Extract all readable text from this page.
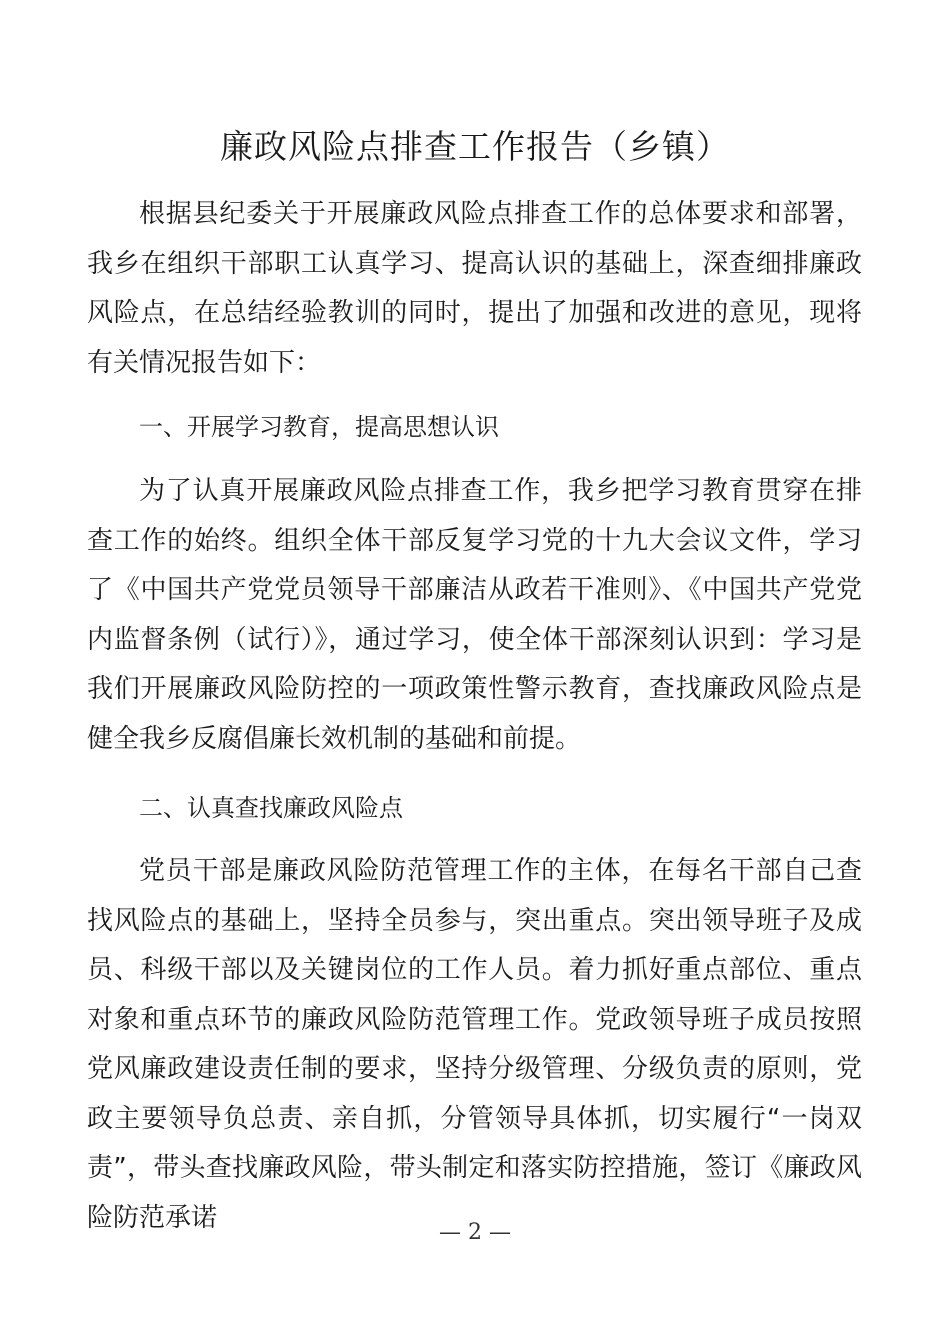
廉政风险点排查工作报告（乡镇）

根据县纪委关于开展廉政风险点排查工作的总体要求和部署，我乡在组织干部职工认真学习、提高认识的基础上，深查细排廉政风险点，在总结经验教训的同时，提出了加强和改进的意见，现将有关情况报告如下：

一、开展学习教育，提高思想认识

为了认真开展廉政风险点排查工作，我乡把学习教育贯穿在排查工作的始终。组织全体干部反复学习党的十九大会议文件，学习了《中国共产党党员领导干部廉洁从政若干准则》、《中国共产党党内监督条例（试行）》，通过学习，使全体干部深刻认识到：学习是我们开展廉政风险防控的一项政策性警示教育，查找廉政风险点是健全我乡反腐倡廉长效机制的基础和前提。

二、认真查找廉政风险点

党员干部是廉政风险防范管理工作的主体，在每名干部自己查找风险点的基础上，坚持全员参与，突出重点。突出领导班子及成员、科级干部以及关键岗位的工作人员。着力抓好重点部位、重点对象和重点环节的廉政风险防范管理工作。党政领导班子成员按照党风廉政建设责任制的要求，坚持分级管理、分级负责的原则，党政主要领导负总责、亲自抓，分管领导具体抓，切实履行“一岗双责”，带头查找廉政风险，带头制定和落实防控措施，签订《廉政风险防范承诺	— 2 —
